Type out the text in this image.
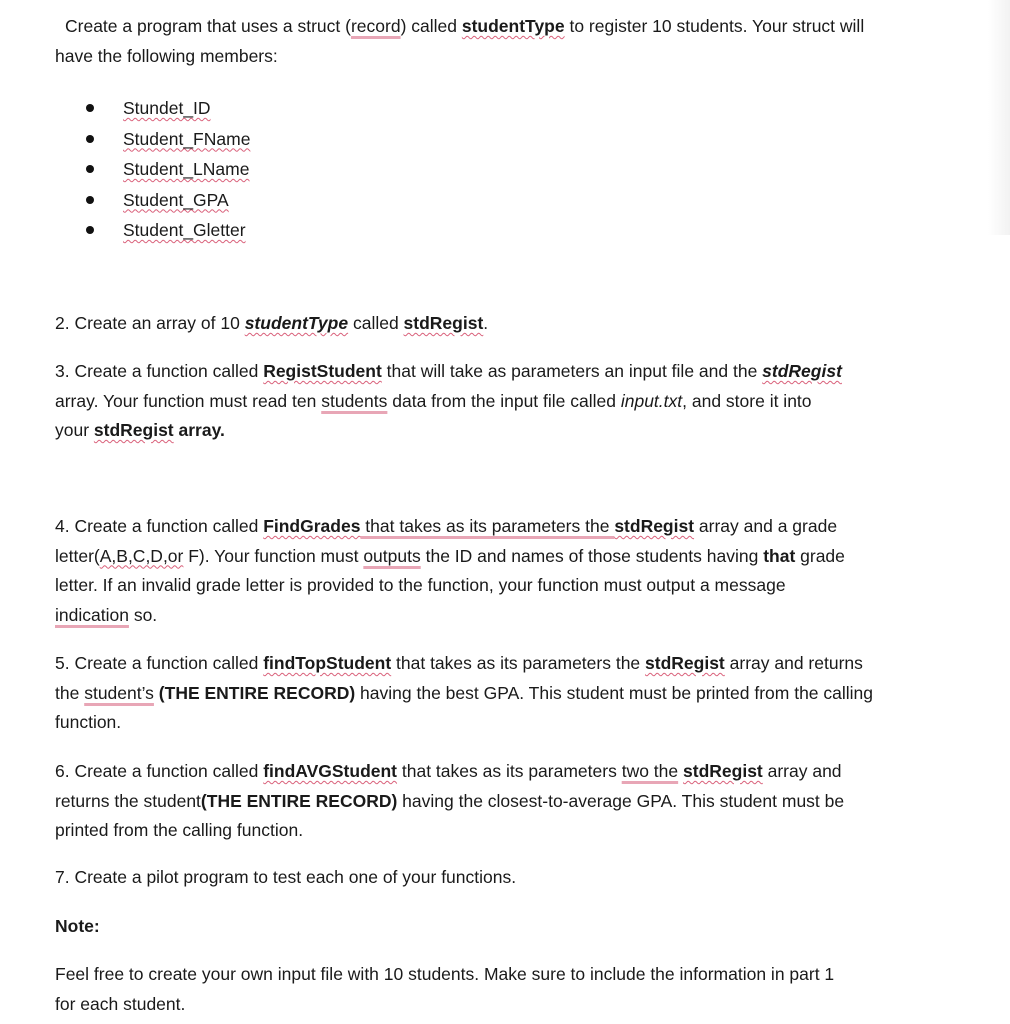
Create a program that uses a struct (record) called studentType to register 10 students. Your struct will
have the following members:

Stundet_ID
Student_FName
Student_LName
Student_GPA
Student_Gletter

2. Create an array of 10 studentType called stdRegist.

3. Create a function called RegistStudent that will take as parameters an input file and the stdRegist
array. Your function must read ten students data from the input file called input.txt, and store it into
your stdRegist array.

4. Create a function called FindGrades that takes as its parameters the stdRegist array and a grade
letter(A,B,C,D,or F). Your function must outputs the ID and names of those students having that grade
letter. If an invalid grade letter is provided to the function, your function must output a message
indication so.

5. Create a function called findTopStudent that takes as its parameters the stdRegist array and returns
the student’s (THE ENTIRE RECORD) having the best GPA. This student must be printed from the calling
function.

6. Create a function called findAVGStudent that takes as its parameters two the stdRegist array and
returns the student(THE ENTIRE RECORD) having the closest-to-average GPA. This student must be
printed from the calling function.

7. Create a pilot program to test each one of your functions.

Note:

Feel free to create your own input file with 10 students. Make sure to include the information in part 1
for each student.
